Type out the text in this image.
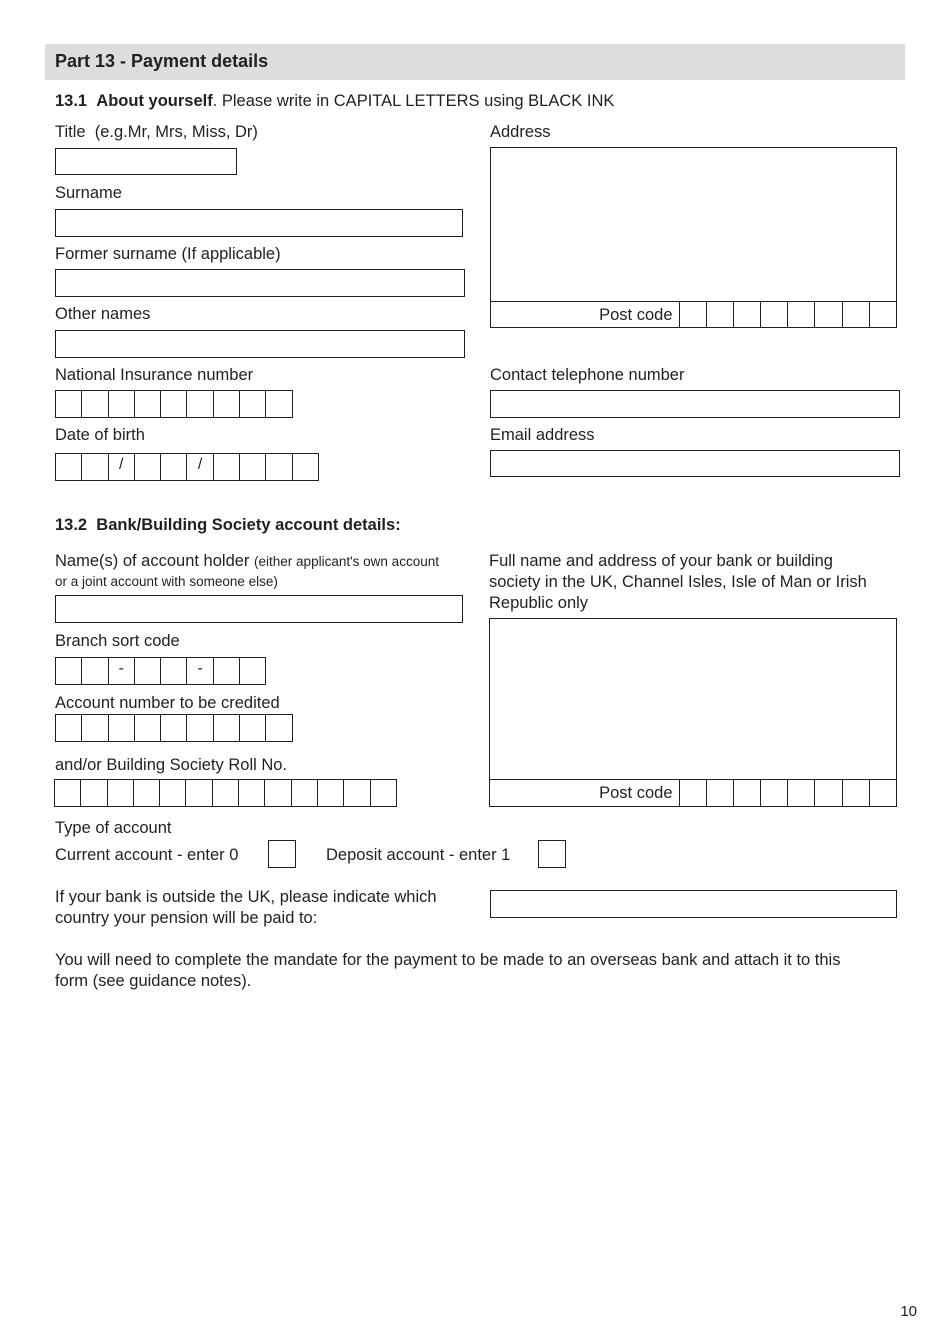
Part 13 - Payment details
13.1 About yourself. Please write in CAPITAL LETTERS using BLACK INK
Title (e.g.Mr, Mrs, Miss, Dr)
Surname
Former surname (If applicable)
Other names
National Insurance number
Date of birth
/	/
Address
Post code
Contact telephone number
Email address
13.2 Bank/Building Society account details:
Name(s) of account holder (either applicant's own account
or a joint account with someone else)
Full name and address of your bank or building
society in the UK, Channel Isles, Isle of Man or Irish
Republic only
Post code
Branch sort code
-	-
Account number to be credited
and/or Building Society Roll No.
Type of account
Current account - enter 0	Deposit account - enter 1
If your bank is outside the UK, please indicate which
country your pension will be paid to:
You will need to complete the mandate for the payment to be made to an overseas bank and attach it to this
form (see guidance notes).
10
